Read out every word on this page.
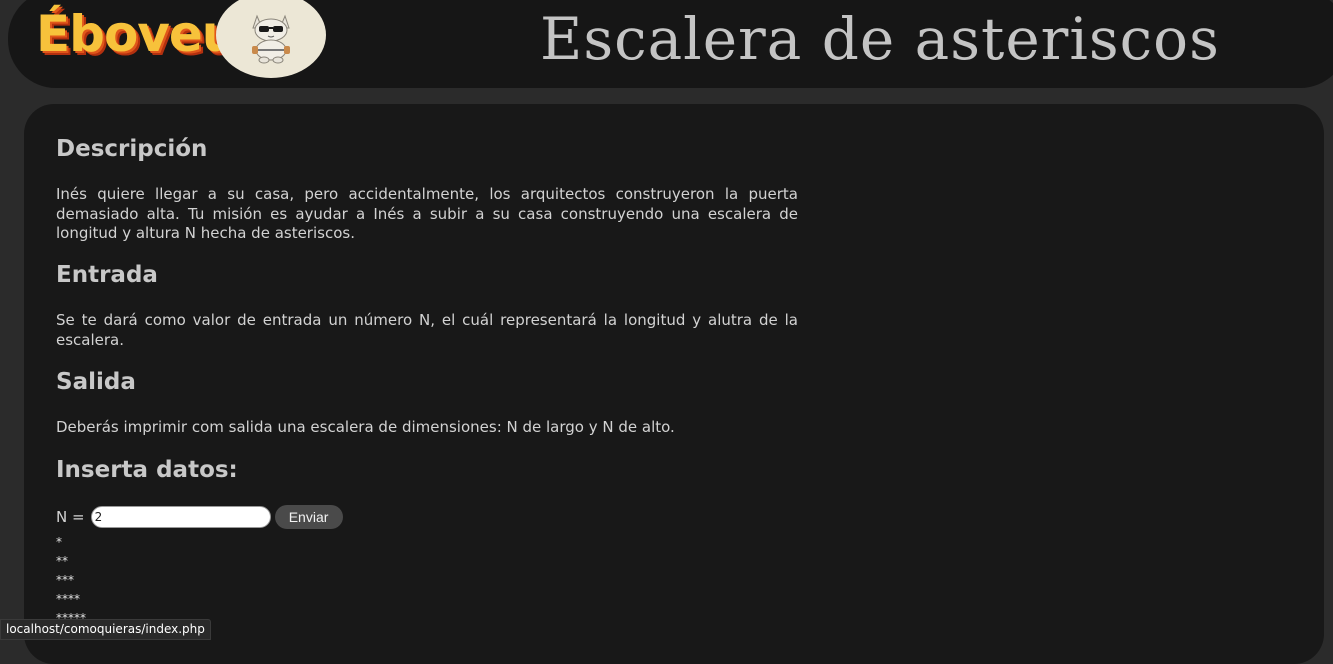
Éboveur	Escalera de asteriscos
Descripción

Inés quiere llegar a su casa, pero accidentalmente, los arquitectos construyeron la puerta demasiado alta. Tu misión es ayudar a Inés a subir a su casa construyendo una escalera de longitud y altura N hecha de asteriscos.

Entrada

Se te dará como valor de entrada un número N, el cuál representará la longitud y alutra de la escalera.

Salida

Deberás imprimir com salida una escalera de dimensiones: N de largo y N de alto.

Inserta datos:
N =
2	Enviar
*
**
***
****
*****
localhost/comoquieras/index.php
